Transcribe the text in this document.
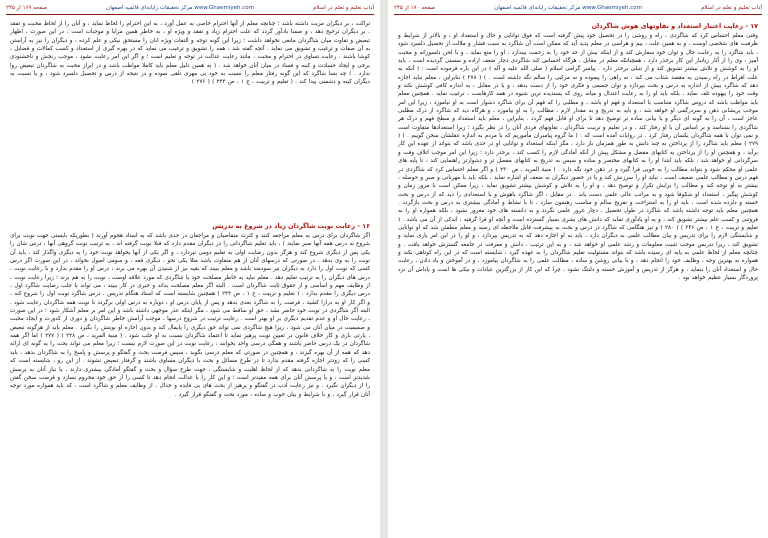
آداب تعلیم و تعلم در اسلام
www.Ghaemiyeh.com مرکز تحقیقات رایانه‌ای قائمیه اصفهان
صفحه ۱۶۹ از ۲۴۵

تراکت ، بر دیگران مزیت داشته باشد ؛ چنانچه معلم از آنها احترام خاصی به عمل آورد ، به این احترام را لحاظ نماید ، و آنان را از لحاظ محبت و تفقد ، بر دیگران ترجیح دهد ، و ضمنا یادآور گردد که علت احترام زیاد و تفقد و ویژه او ، به خاطر همین مزایا و موجبات است ، در این صورت ، اظهار تبعیض و تفاوت میان شاگردان مانعی نخواهد داشت ؛ زیرا این گونه توجه و التفات ویژه انان را مستحق نیکی و علم کرده ، و دیگران را نیز به آراستن به آن صفات و ترغیب و تشویق می نماید . آنچه گفته شد ، همه را تشویق و ترغیب می نماید که در بهره گیری از استعداد و کسب کمالات و فضایل ، کوشا باشند . رعایت تساوی در احترام و محبت ، مانند رعایت عدالت در توجه و تعلیم است ؛ و اگر این امر رعایت نشود ، موجب رنجش و ناخشنودی برخی و ایجاد حسادت و کینه و فساد در میان آنان خواهد شد . ( به همین دلیل معلم باید کاملا مواظب باشد و در ابراز محبت به شاگردان تبعیض روا ندارد . ) چه بسا شاگرد که این گونه رفتار معلم را نسبت به خود بی مهری تلقی نموده و در نتیجه از درس و تحصیل دلسرد شود ، و یا نسبت به دیگران کینه و دشمنی پیدا کند . ( تعلیم و تربیت ، ج ۱ ، ص ۲۴۴ ) ( ۲۷۶ )

۱۶ - رعایت نوبت شاگردان زیاد در شروع به تدریس

اگر شاگردان برای درس به معلم مراجعه کنند و کثرت متقاضیان و مراجعان در حدی باشد که به استاد هجوم آورند ( بطوریکه بایستی جهت نوبت برای شروع به درس همه آنها صبر نمایند ) ، باید تعلیم شاگردانی را در دیگران مقدم دارد که قبلا نوبت گرفته اند ، به ترتیب نوبت گروهی آنها ، درس شان را یکی پس از دیگری شروع کند و هرگز بدون رضایت اولی به تعلیم دومی نپردازد ، و اگر یکی از آنها بخواهد نوبت خود را به دیگری واگذار کند ، باید آن نوبت را به وی بدهد . در صورتی که درسهای آنان از هم متفاوت باشد مثلا یکی نحو ، دیگری فقه ، و سومی اصول بخواند ، در این صورت اگر درس کسی که نوبت اول را دارد به دیگران نیز سودمند باشد و معلم ببیند که بقیه نیز از شنیدن آن بهره می برند ، درس او را مقدم بدارد و با رعایت نوبت ، درس های دیگران را به ترتیب تعلیم دهد . معلم نباید به خاطر مصلحت خود یا شاگردی که مورد علاقه اوست ، نوبت را به هم بزند ؛ زیرا رعایت نوبت ، از وظایف مهم و اساسی و از حقوق ثابت شاگردان است . البته اگر معلم مصلحت بداند و خیری در کار ببیند ، می تواند با جلب رضایت شاگرد اول ، درس دیگری را مقدم بدارد . ( تعلیم و تربیت ، ج ۱ ، ص ۲۴۴ ) همچنین شایسته است که استاد هنگام تدریس ، درس شاگرد نوبت اول را شروع کند ، و اگر کار او به درازا کشید ، فرصت را به شاگرد بعدی بدهد و پس از پایان درس او ، دوباره به درس اولی برگردد تا نوبت همه شاگردان رعایت شود . البته اگر شاگردی در نوبت خود حاضر نشد ، حق او ساقط می شود ، مگر اینکه عذر موجهی داشته باشد و این امر بر معلم آشکار شود ؛ در این صورت ، رعایت حال او و عدم تقدیم دیگری بر او بهتر است . رعایت ترتیب در شروع درسها ، موجب آرامش خاطر شاگردان و دوری از کدورت و ایجاد محبت و صمیمیت در میان آنان می شود ، زیرا هیچ شاگردی نمی تواند حق دیگری را پایمال کند و بدون اجازه او نوبتش را بگیرد . معلم باید از هرگونه تبعیض ، پارتی بازی و کار خلاف قانون در تعیین نوبت پرهیز نماید تا اعتماد شاگردان نسبت به او جلب شود . ( منیة المرید ، ص ۲۲۸ ) ( ۲۷۷ ) اما اگر همه شاگردان در یک درس حاضر باشند و همگی درسی واحد بخوانند ، رعایت نوبت در این صورت لازم نیست ؛ زیرا معلم می تواند بحث را به گونه ای ارائه دهد که همه از آن بهره گیرند ، و همچنین در صورتی که معلم درسی بگوید ، سپس فرصت بحث و گفتگو و پرسش و پاسخ را به شاگردان بدهد ، باید کسی را که زودتر اجازه گرفته مقدم بدارد تا در طرح مسائل و بحث با دیگران مساوی باشند و گرفتار تبعیض نشوند . از این رو ، شایسته است که معلم نوبت را به شاگردانی بدهد که از لحاظ اهلیت و شایستگی ، جهت طرح سؤال و بحث و گفتگو آمادگی بیشتری دارند ، یا نیاز آنان به پرسش شدیدتر است ، و یا پرسش آنان برای همه مفیدتر است ؛ و این کار را با عدالت انجام دهد تا کسی را از حق خود محروم نسازد و فرصت سخن گفتن را از دیگران نگیرد . و نیز رعایت ادب در گفتگو و پرهیز از بحث های بی فایده و جدال ، از وظایف معلم و شاگرد است ، که باید همواره مورد توجه آنان قرار گیرد ، و با شرایط و بیان خوب و ساده ، مورد بحث و گفتگو قرار گیرد .

آداب تعلیم و تعلم در اسلام
www.Ghaemiyeh.com مرکز تحقیقات رایانه‌ای قائمیه اصفهان
صفحه ۱۷۰ از ۲۴۵
۱۷ - رعایت اعتبار استعداد و تفاوتهای هوش شاگردان

وقتی معلم احساس کرد که شاگردی ، راه و روشی را در تحصیل خود پیش گرفته است که فوق توانایی و حال و استعداد او ، و بالاتر از شرایط و ظرفیت های شخصی اوست ، و به همین علت ، بیم و هراسی در معلم پدید آید که ممکن است آن شاگرد به سبب فشار و ملالت از تحصیل دلسرد شود ، باید شاگرد را به رعایت حال و توان خود سفارش کند و از اینکه بیش از حد خود را به زحمت بیندازد ، او را منع نماید ، و با لحن دلسوزانه و محبت آمیز ، وی را از آثار زیانبار این کار برحذر دارد ، همچنانکه معلم در مقابل ، هرگاه احساس کند شاگردی دچار ضعف اراده و سستی گردیده است ، باید او را به کوشش و تلاش بیشتر تشویق کند و از تنبلی برحذر دارد . پیامبر گرامی اسلام ( صلی الله علیه و آله ) در این باره فرموده است : ( آنکه به علت افراط در راه رسیدن به مقصد شتاب می کند ، نه راهی را پیموده و نه مرکبی را سالم نگه داشته است . ) ( ۲۷۸ ) بنابراین ، معلم نباید اجازه دهد که شاگرد بیش از اندازه به درس و بحث بپردازد و توان جسمی و فکری خود را از دست بدهد ، و یا در مقابل ، به اندازه کافی کوشش نکند و وقت خود را بیهوده تلف نماید ، بلکه باید او را به رعایت اعتدال و میانه روی که پسندیده ترین شیوه در همه کارهاست ، ترغیب نماید . همچنین معلم باید مواظب باشد که دروس شاگرد متناسب با استعداد و فهم او باشد ، و مطلبی را که فهم آن برای شاگرد دشوار است به او نیاموزد ، زیرا این امر موجب پریشانی ذهن و سردرگمی او خواهد شد ، و باید به تدریج و به مقدار لازم ، مطالب را به او بیاموزد ، و هرگاه دید که شاگرد از درک مطلبی عاجز است ، آن را به گونه ای دیگر و با بیانی ساده تر توضیح دهد تا برای او قابل فهم گردد . بنابراین ، معلم باید استعداد و سطح فهم و درک هر شاگردی را بشناسد و بر اساس آن با او رفتار کند ، و در تعلیم و تربیت شاگردان ، تفاوتهای فردی آنان را در نظر بگیرد ؛ زیرا استعدادها متفاوت است و نمی توان با همه شاگردان یکسان رفتار کرد . در روایات آمده است که : ( ما گروه پیامبران مأموریم که با مردم به اندازه عقلشان سخن گوییم . ) ( ۲۷۹ ) معلم باید شاگرد را از پرداختن به چند دانش به طور همزمان باز دارد ، مگر اینکه استعداد و توانایی او در حدی باشد که بتواند از عهده این کار برآید ، و همچنین او را از پرداختن به کتابهای مفصل و مشکل پیش از آنکه آمادگی لازم را کسب کند ، برحذر دارد ؛ زیرا این امر موجب اتلاف وقت و سرگردانی او خواهد شد . بلکه باید ابتدا او را به کتابهای مختصر و ساده و سپس به تدریج به کتابهای مفصل تر و دشوارتر راهنمایی کند ، تا پایه های علمی او محکم شود و بتواند مطالب را به خوبی فرا گیرد و در ذهن خود نگه دارد . ( منیة المرید ، ص ۲۳۰ ) و اگر معلم احساس کرد که شاگردی در فهم درس و مطالب علمی ضعیف است ، نباید او را سرزنش کند و یا در حضور دیگران به ضعف او اشاره نماید ، بلکه باید با مهربانی و صبر و حوصله ، بیشتر به او توجه کند و مطالب را برایش تکرار و توضیح دهد ، و او را به تلاش و کوشش بیشتر تشویق نماید ، زیرا ممکن است با مرور زمان و کوشش پیگیر ، استعداد او شکوفا شود و به مراتب عالی علمی دست یابد . در مقابل ، اگر شاگرد باهوش و با استعدادی را دید که از درس و بحث خسته و دلزده شده است ، باید او را به استراحت و تفریح سالم و مناسب رهنمون سازد ، تا با نشاط و آمادگی بیشتری به درس و بحث بازگردد . همچنین معلم باید توجه داشته باشد که شاگرد در طول تحصیل ، دچار غرور علمی نگردد و به دانسته های خود مغرور نشود ، بلکه همواره او را به فروتنی و کسب علم بیشتر تشویق کند ، و به او یادآوری نماید که دانش های بشری بسیار گسترده است و آنچه او فرا گرفته ، اندکی از آن می باشد . ( تعلیم و تربیت ، ج ۱ ، ص ۲۴۶ ) ( ۲۸۰ ) و نیز هنگامی که شاگرد در درس و بحث به پیشرفت قابل ملاحظه ای رسید و معلم مطمئن شد که او توانایی و شایستگی لازم را برای تدریس و بیان مطالب علمی به دیگران دارد ، باید به او اجازه دهد که به تدریس بپردازد ، و او را در این امر یاری نماید و تشویق کند ، زیرا تدریس موجب تثبیت معلومات و رشد علمی او خواهد شد ، و به این ترتیب ، دانش و معرفت در جامعه گسترش خواهد یافت . و چنانچه معلم از لحاظ علمی به پایه ای رسیده باشد که بتواند مسئولیت تعلیم شاگردان را به عهده گیرد ، شایسته است که در این راه کوتاهی نکند و همواره به بهترین وجه ، وظایف خود را انجام دهد ، و با بیانی روشن و ساده ، مطالب علمی را به شاگردان بیاموزد ، و در آموختن و یاد دادن ، رعایت حال و استعداد آنان را بنماید ، و هرگز از تدریس و آموزش خسته و دلتنگ نشود ، چرا که این کار از بزرگترین عبادات و نیکی ها است و پاداش آن نزد پروردگار بسیار عظیم خواهد بود .
